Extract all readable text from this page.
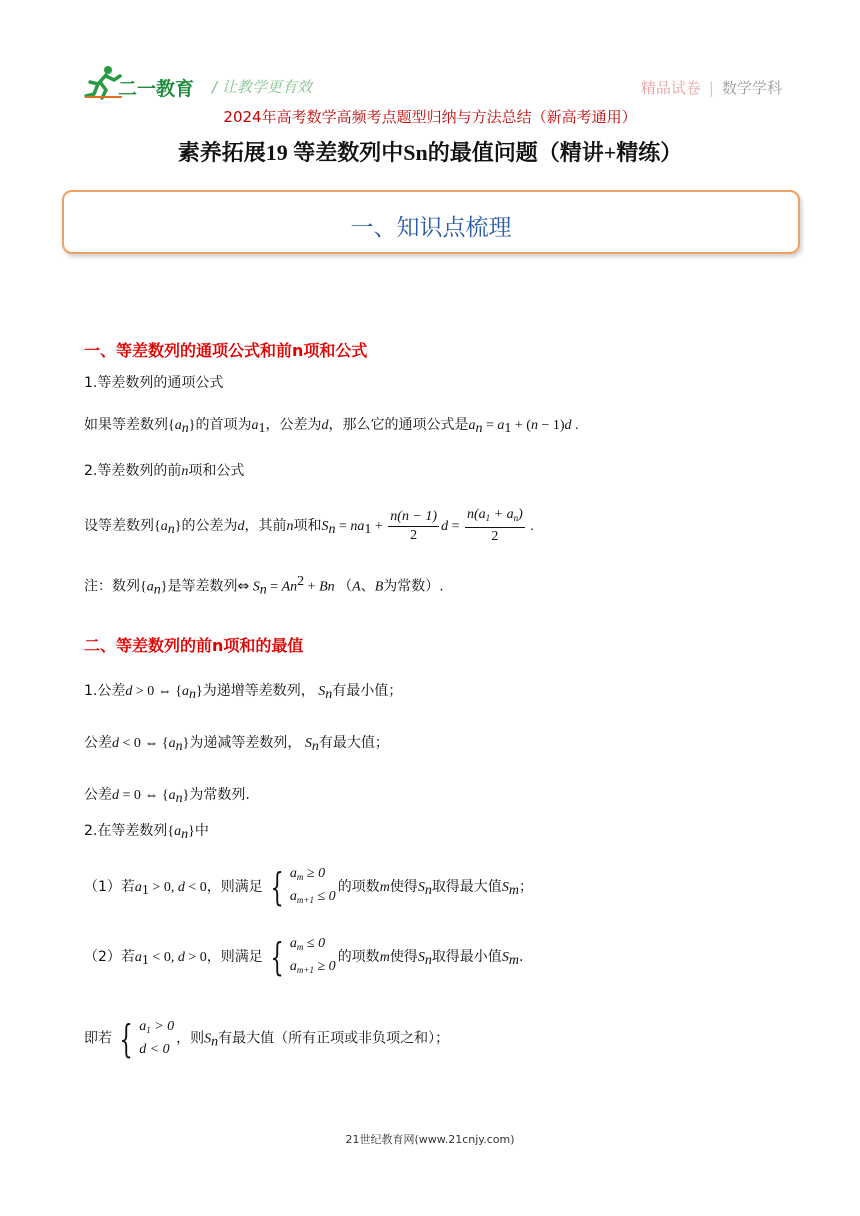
二一教育 / 让教学更有效	精品试卷 | 数学学科
2024年高考数学高频考点题型归纳与方法总结（新高考通用）
素养拓展19 等差数列中Sn的最值问题（精讲+精练）
一、知识点梳理
一、等差数列的通项公式和前n项和公式
1.等差数列的通项公式
如果等差数列$\{a_n\}$的首项为$a_1$，公差为d，那么它的通项公式是$a_n = a_1 + (n - 1)d$ .
2.等差数列的前n项和公式
设等差数列$\{a_n\}$的公差为d，其前n项和$S_n = na_1 + \frac{n(n - 1)}{2}$ $d = \frac{n(a_1 + a_n)}{2}$ .
注：数列$\{a_n\}$是等差数列⇔ $S_n = An^2 + Bn$ （A、B为常数）.
二、等差数列的前n项和的最值
1.公差d > 0 ⇔ $\{a_n\}$为递增等差数列， $S_n$有最小值；
公差d < 0 ⇔ $\{a_n\}$为递减等差数列， $S_n$有最大值；
公差d = 0 ⇔ $\{a_n\}$为常数列.
2.在等差数列$\{a_n\}$中
（1）若$a_1 > 0$, d < 0，则满足 { $a_m \ge 0$
$a_{m+1} \le 0$
的项数m使得$S_n$取得最大值$S_m$；
（2）若$a_1 < 0$, d > 0，则满足 { $a_m \le 0$
$a_{m+1} \ge 0$
的项数m使得$S_n$取得最小值$S_m$.
即若 { $a_1 > 0$
d < 0
，则$S_n$有最大值（所有正项或非负项之和）；
21世纪教育网(www.21cnjy.com)
